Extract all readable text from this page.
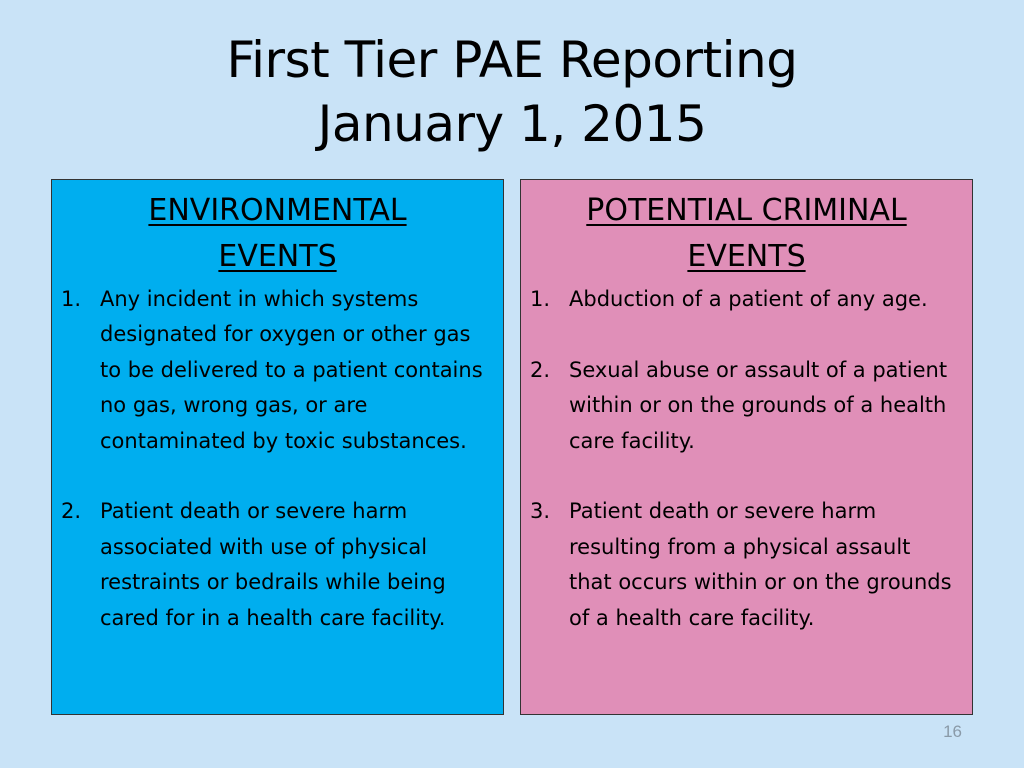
First Tier PAE Reporting
January 1, 2015
ENVIRONMENTAL
EVENTS
1. Any incident in which systems designated for oxygen or other gas to be delivered to a patient contains no gas, wrong gas, or are contaminated by toxic substances.
2. Patient death or severe harm associated with use of physical restraints or bedrails while being cared for in a health care facility.
POTENTIAL CRIMINAL
EVENTS
1. Abduction of a patient of any age.
2. Sexual abuse or assault of a patient within or on the grounds of a health care facility.
3. Patient death or severe harm resulting from a physical assault that occurs within or on the grounds of a health care facility.
16
